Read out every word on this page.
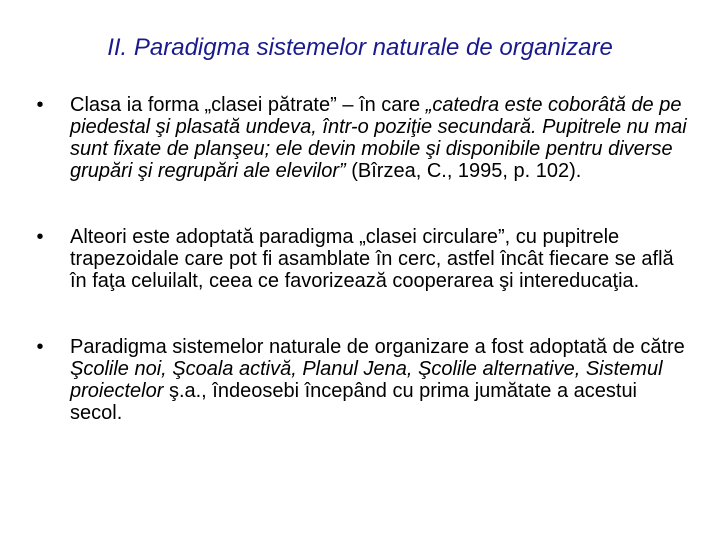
II. Paradigma sistemelor naturale de organizare
•	Clasa ia forma „clasei pătrate” – în care „catedra este coborâtă de pe piedestal şi plasată undeva, într-o poziţie secundară. Pupitrele nu mai sunt fixate de planşeu; ele devin mobile şi disponibile pentru diverse grupări şi regrupări ale elevilor” (Bîrzea, C., 1995, p. 102).
•	Alteori este adoptată paradigma „clasei circulare”, cu pupitrele trapezoidale care pot fi asamblate în cerc, astfel încât fiecare se află în faţa celuilalt, ceea ce favorizează cooperarea şi intereducaţia.
•	Paradigma sistemelor naturale de organizare a fost adoptată de către Şcolile noi, Şcoala activă, Planul Jena, Şcolile alternative, Sistemul proiectelor ş.a., îndeosebi începând cu prima jumătate a acestui secol.
